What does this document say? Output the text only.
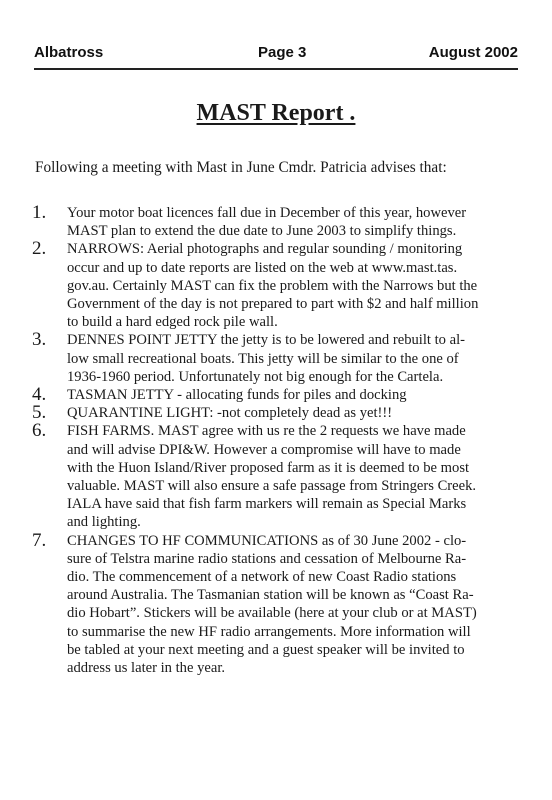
Albatross	Page 3	August 2002
MAST Report .
Following a meeting with Mast in June Cmdr. Patricia advises that:
1. Your motor boat licences fall due in December of this year, however
MAST plan to extend the due date to June 2003 to simplify things.
2. NARROWS: Aerial photographs and regular sounding / monitoring
occur and up to date reports are listed on the web at www.mast.tas.
gov.au. Certainly MAST can fix the problem with the Narrows but the
Government of the day is not prepared to part with $2 and half million
to build a hard edged rock pile wall.
3. DENNES POINT JETTY the jetty is to be lowered and rebuilt to al-
low small recreational boats. This jetty will be similar to the one of
1936-1960 period. Unfortunately not big enough for the Cartela.
4. TASMAN JETTY - allocating funds for piles and docking
5. QUARANTINE LIGHT: -not completely dead as yet!!!
6. FISH FARMS. MAST agree with us re the 2 requests we have made
and will advise DPI&W. However a compromise will have to made
with the Huon Island/River proposed farm as it is deemed to be most
valuable. MAST will also ensure a safe passage from Stringers Creek.
IALA have said that fish farm markers will remain as Special Marks
and lighting.
7. CHANGES TO HF COMMUNICATIONS as of 30 June 2002 - clo-
sure of Telstra marine radio stations and cessation of Melbourne Ra-
dio. The commencement of a network of new Coast Radio stations
around Australia. The Tasmanian station will be known as “Coast Ra-
dio Hobart”. Stickers will be available (here at your club or at MAST)
to summarise the new HF radio arrangements. More information will
be tabled at your next meeting and a guest speaker will be invited to
address us later in the year.
